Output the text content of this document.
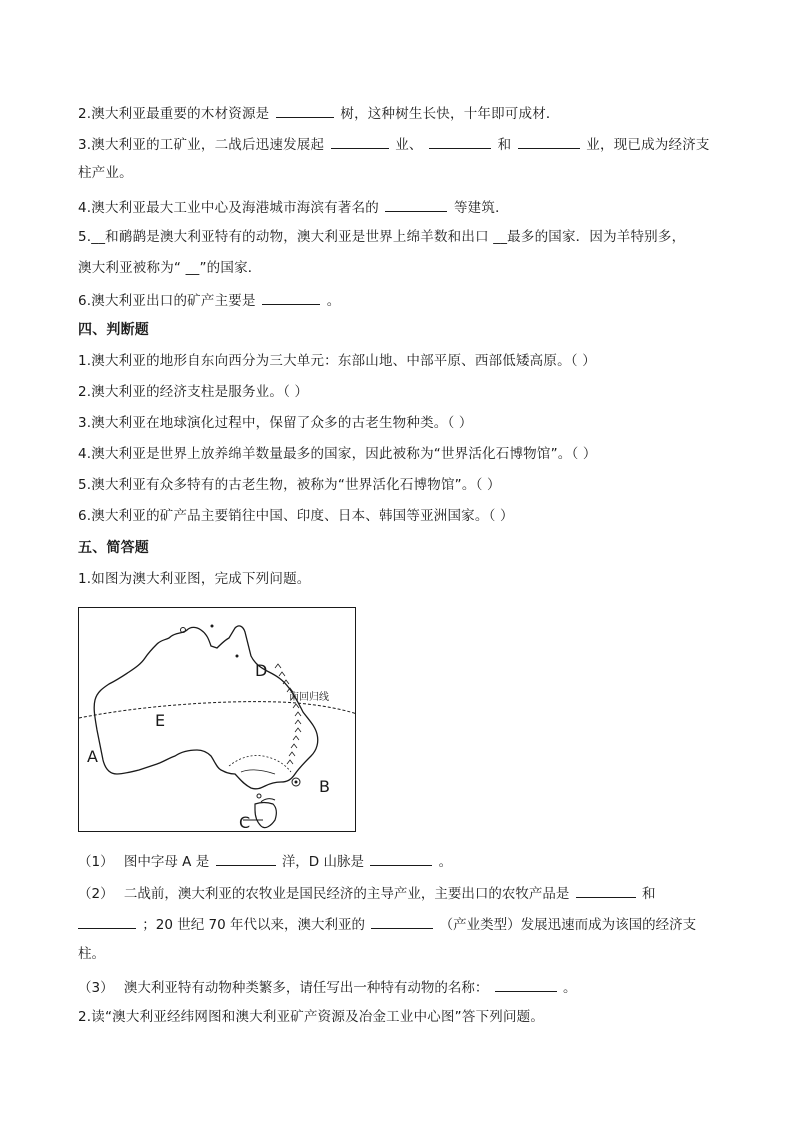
2.澳大利亚最重要的木材资源是	树，这种树生长快，十年即可成材．
3.澳大利亚的工矿业，二战后迅速发展起	业、	和	业，现已成为经济支
柱产业。
4.澳大利亚最大工业中心及海港城市海滨有著名的	等建筑．
5.__和鸸鹋是澳大利亚特有的动物，澳大利亚是世界上绵羊数和出口 __最多的国家．因为羊特别多，
澳大利亚被称为“ __”的国家．
6.澳大利亚出口的矿产主要是	。
四、判断题
1.澳大利亚的地形自东向西分为三大单元：东部山地、中部平原、西部低矮高原。（ ）
2.澳大利亚的经济支柱是服务业。（ ）
3.澳大利亚在地球演化过程中，保留了众多的古老生物种类。（ ）
4.澳大利亚是世界上放养绵羊数量最多的国家，因此被称为“世界活化石博物馆”。（ ）
5.澳大利亚有众多特有的古老生物，被称为“世界活化石博物馆”。（ ）
6.澳大利亚的矿产品主要销往中国、印度、日本、韩国等亚洲国家。（ ）
五、简答题
1.如图为澳大利亚图，完成下列问题。
D
南回归线
E
A
B
C
（1） 图中字母 A 是	洋，D 山脉是	。
（2） 二战前，澳大利亚的农牧业是国民经济的主导产业，主要出口的农牧产品是	和
；20 世纪 70 年代以来，澳大利亚的	（产业类型）发展迅速而成为该国的经济支
柱。
（3） 澳大利亚特有动物种类繁多，请任写出一种特有动物的名称：	。
2.读“澳大利亚经纬网图和澳大利亚矿产资源及冶金工业中心图”答下列问题。
